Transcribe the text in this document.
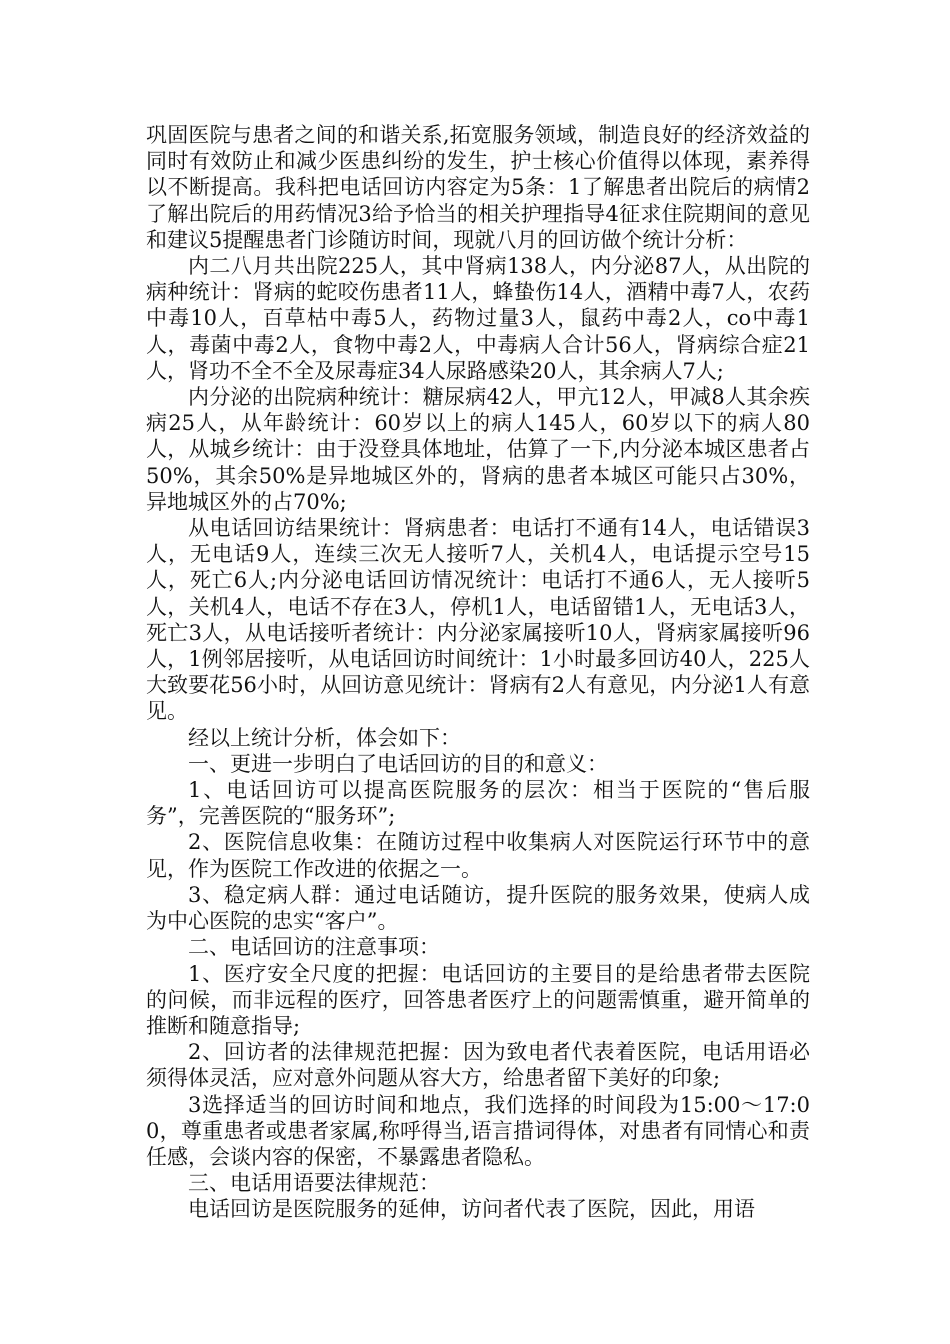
巩固医院与患者之间的和谐关系,拓宽服务领域，制造良好的经济效益的同时有效防止和减少医患纠纷的发生，护士核心价值得以体现，素养得以不断提高。我科把电话回访内容定为5条：1了解患者出院后的病情2了解出院后的用药情况3给予恰当的相关护理指导4征求住院期间的意见和建议5提醒患者门诊随访时间，现就八月的回访做个统计分析：

内二八月共出院225人，其中肾病138人，内分泌87人，从出院的病种统计：肾病的蛇咬伤患者11人，蜂蛰伤14人，酒精中毒7人，农药中毒10人，百草枯中毒5人，药物过量3人，鼠药中毒2人，co中毒1人，毒菌中毒2人，食物中毒2人，中毒病人合计56人，肾病综合症21人，肾功不全不全及尿毒症34人尿路感染20人，其余病人7人;

内分泌的出院病种统计：糖尿病42人，甲亢12人，甲减8人其余疾病25人，从年龄统计：60岁以上的病人145人，60岁以下的病人80人，从城乡统计：由于没登具体地址，估算了一下,内分泌本城区患者占50%，其余50%是异地城区外的，肾病的患者本城区可能只占30%，异地城区外的占70%;

从电话回访结果统计：肾病患者：电话打不通有14人，电话错误3人，无电话9人，连续三次无人接听7人，关机4人，电话提示空号15人，死亡6人;内分泌电话回访情况统计：电话打不通6人，无人接听5人，关机4人，电话不存在3人，停机1人，电话留错1人，无电话3人，死亡3人，从电话接听者统计：内分泌家属接听10人，肾病家属接听96人，1例邻居接听，从电话回访时间统计：1小时最多回访40人，225人大致要花56小时，从回访意见统计：肾病有2人有意见，内分泌1人有意见。

经以上统计分析，体会如下：

一、更进一步明白了电话回访的目的和意义：

1、电话回访可以提高医院服务的层次：相当于医院的“售后服务”，完善医院的“服务环”;

2、医院信息收集：在随访过程中收集病人对医院运行环节中的意见，作为医院工作改进的依据之一。

3、稳定病人群：通过电话随访，提升医院的服务效果，使病人成为中心医院的忠实“客户”。

二、电话回访的注意事项：

1、医疗安全尺度的把握：电话回访的主要目的是给患者带去医院的问候，而非远程的医疗，回答患者医疗上的问题需慎重，避开简单的推断和随意指导;

2、回访者的法律规范把握：因为致电者代表着医院，电话用语必须得体灵活，应对意外问题从容大方，给患者留下美好的印象;

3选择适当的回访时间和地点，我们选择的时间段为15:00～17:00，尊重患者或患者家属,称呼得当,语言措词得体，对患者有同情心和责任感，会谈内容的保密，不暴露患者隐私。

三、电话用语要法律规范：

电话回访是医院服务的延伸，访问者代表了医院，因此，用语
